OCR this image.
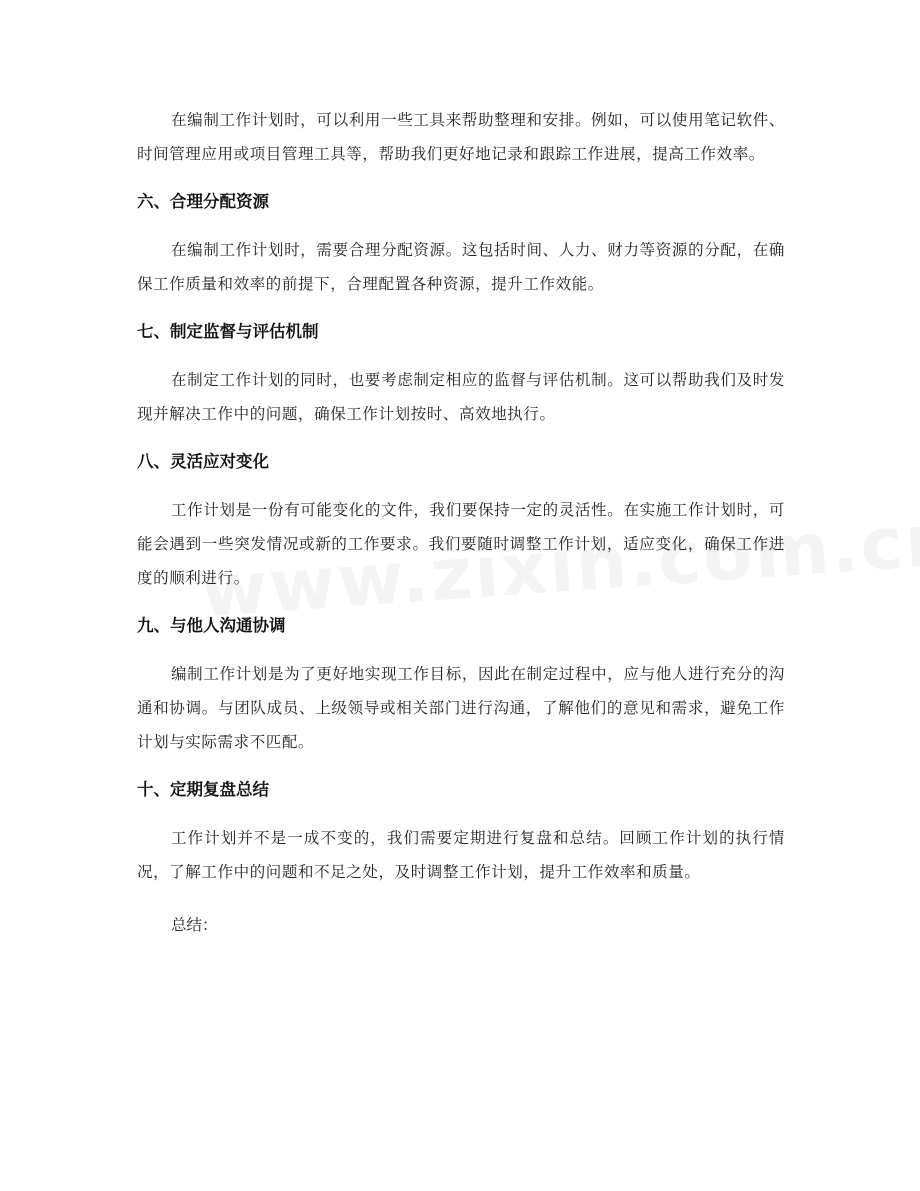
在编制工作计划时，可以利用一些工具来帮助整理和安排。例如，可以使用笔记软件、时间管理应用或项目管理工具等，帮助我们更好地记录和跟踪工作进展，提高工作效率。

六、合理分配资源

在编制工作计划时，需要合理分配资源。这包括时间、人力、财力等资源的分配，在确保工作质量和效率的前提下，合理配置各种资源，提升工作效能。

七、制定监督与评估机制

在制定工作计划的同时，也要考虑制定相应的监督与评估机制。这可以帮助我们及时发现并解决工作中的问题，确保工作计划按时、高效地执行。

八、灵活应对变化

工作计划是一份有可能变化的文件，我们要保持一定的灵活性。在实施工作计划时，可能会遇到一些突发情况或新的工作要求。我们要随时调整工作计划，适应变化，确保工作进度的顺利进行。

九、与他人沟通协调

编制工作计划是为了更好地实现工作目标，因此在制定过程中，应与他人进行充分的沟通和协调。与团队成员、上级领导或相关部门进行沟通，了解他们的意见和需求，避免工作计划与实际需求不匹配。

十、定期复盘总结

工作计划并不是一成不变的，我们需要定期进行复盘和总结。回顾工作计划的执行情况，了解工作中的问题和不足之处，及时调整工作计划，提升工作效率和质量。

总结：
